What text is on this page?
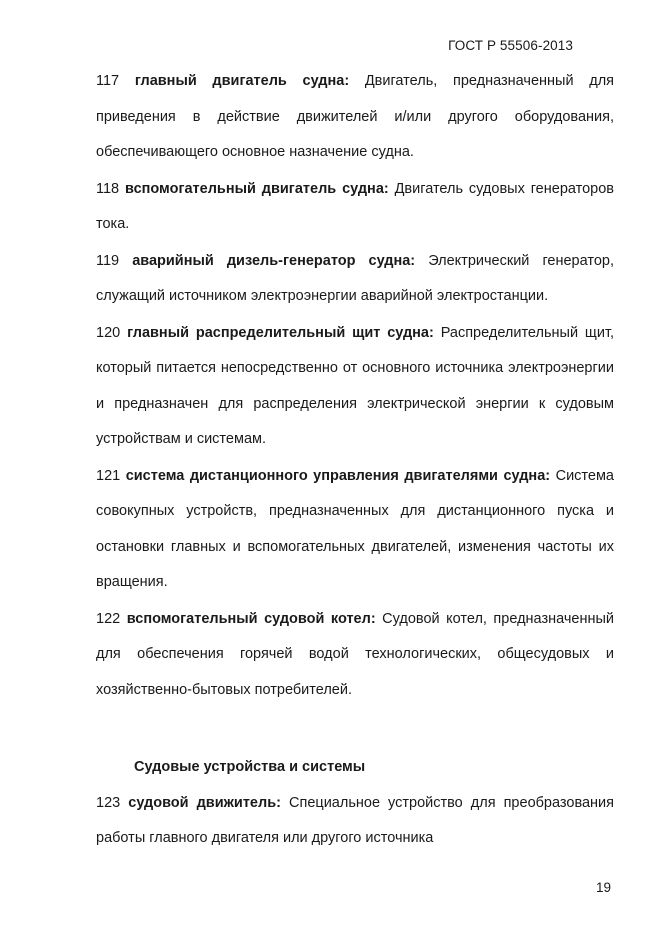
ГОСТ Р 55506-2013

117 главный двигатель судна: Двигатель, предназначенный для приведения в действие движителей и/или другого оборудования, обеспечивающего основное назначение судна.

118 вспомогательный двигатель судна: Двигатель судовых генераторов тока.

119 аварийный дизель-генератор судна: Электрический генератор, служащий источником электроэнергии аварийной электростанции.

120 главный распределительный щит судна: Распределительный щит, который питается непосредственно от основного источника электроэнергии и предназначен для распределения электрической энергии к судовым устройствам и системам.

121 система дистанционного управления двигателями судна: Система совокупных устройств, предназначенных для дистанционного пуска и остановки главных и вспомогательных двигателей, изменения частоты их вращения.

122 вспомогательный судовой котел: Судовой котел, предназначенный для обеспечения горячей водой технологических, общесудовых и хозяйственно-бытовых потребителей.

Судовые устройства и системы

123 судовой движитель: Специальное устройство для преобразования работы главного двигателя или другого источника

19
